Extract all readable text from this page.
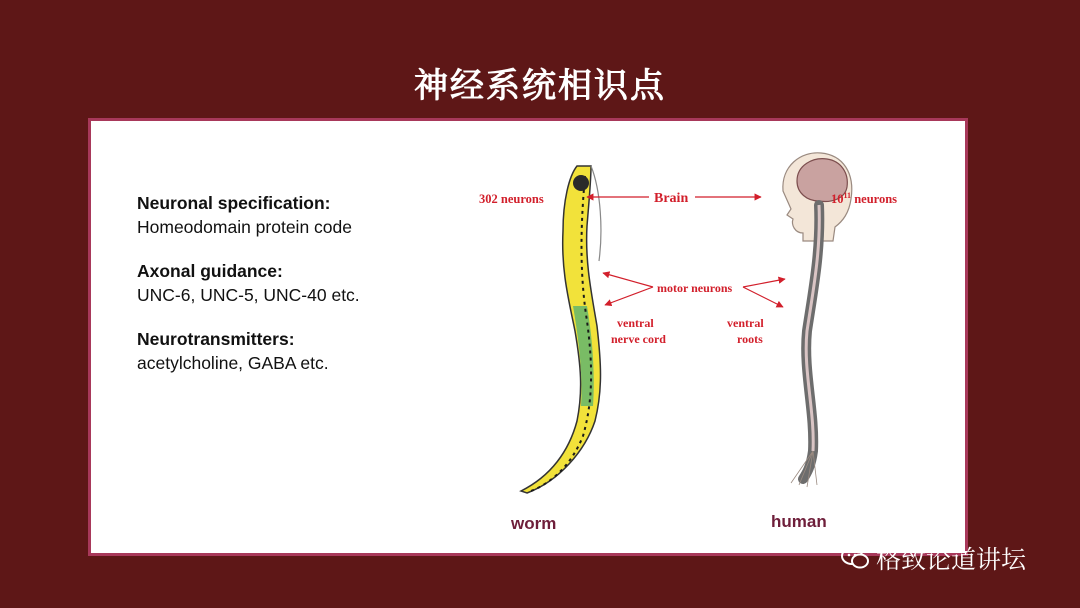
神经系统相识点
Neuronal specification:
Homeodomain protein code
Axonal guidance:
UNC-6, UNC-5, UNC-40 etc.
Neurotransmitters:
acetylcholine, GABA etc.
302 neurons	Brain	$10^{11}$ neurons
motor neurons
ventral nerve cord
ventral roots
worm	human
格致论道讲坛
